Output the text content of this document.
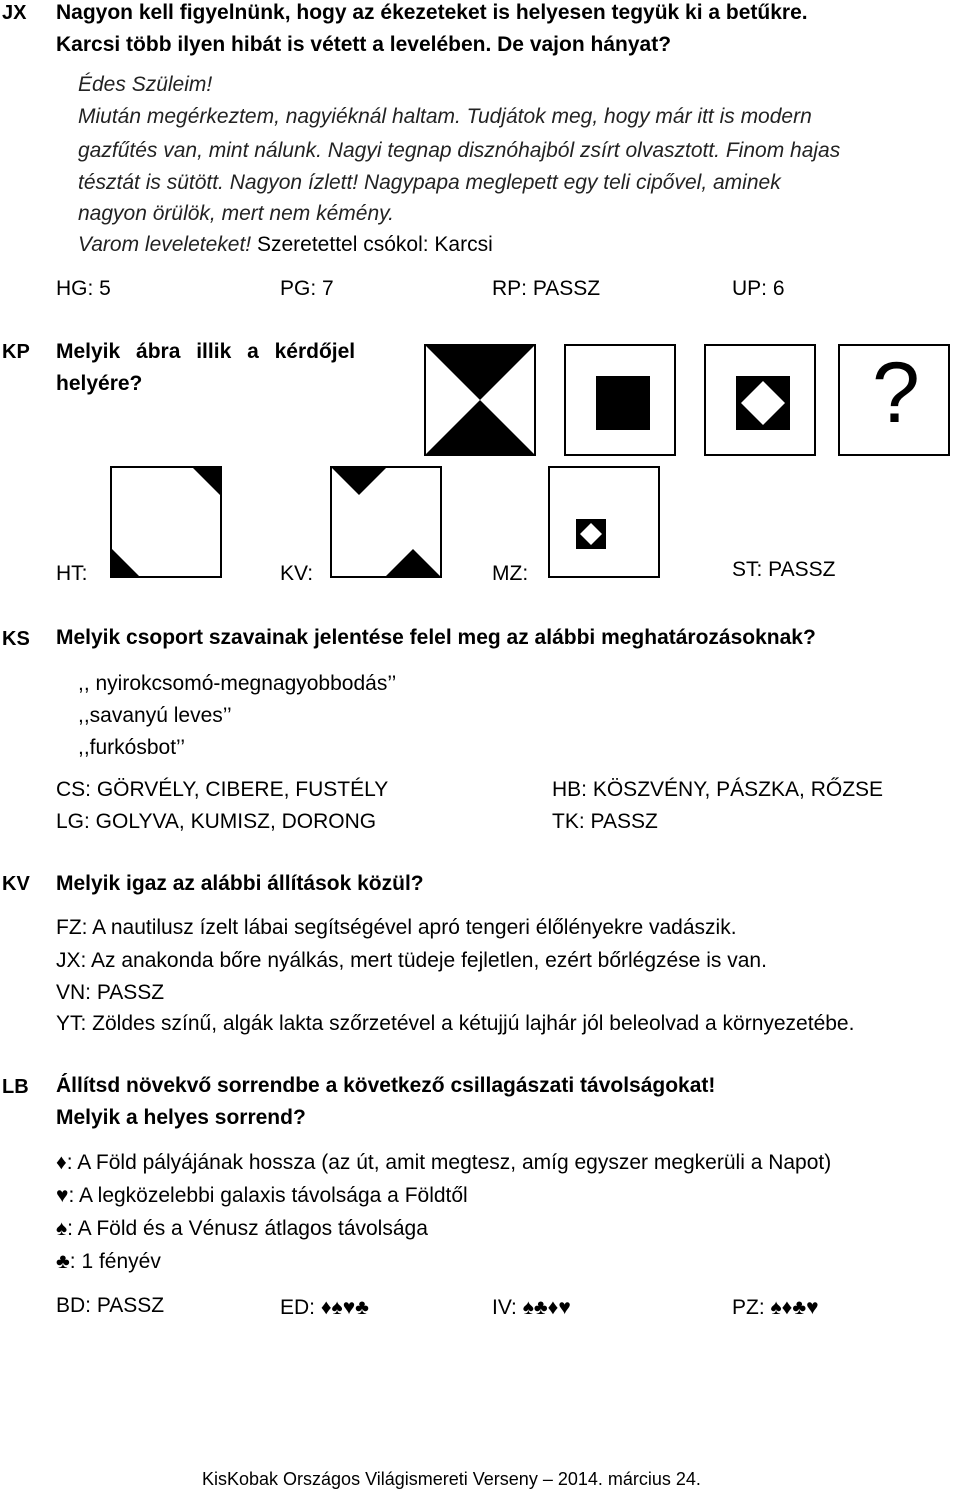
JX Nagyon kell figyelnünk, hogy az ékezeteket is helyesen tegyük ki a betűkre.
Karcsi több ilyen hibát is vétett a levelében. De vajon hányat?
Édes Szüleim!
Miután megérkeztem, nagyiéknál haltam. Tudjátok meg, hogy már itt is modern
gazfűtés van, mint nálunk. Nagyi tegnap disznóhajból zsírt olvasztott. Finom hajas
tésztát is sütött. Nagyon ízlett! Nagypapa meglepett egy teli cipővel, aminek
nagyon örülök, mert nem kémény.
Varom leveleteket! Szeretettel csókol: Karcsi
HG: 5	PG: 7	RP: PASSZ	UP: 6
KP Melyik ábra illik a kérdőjel
helyére?	?
HT:	KV:	MZ:	ST: PASSZ
KS Melyik csoport szavainak jelentése felel meg az alábbi meghatározásoknak?
,, nyirokcsomó-megnagyobbodás’’
,,savanyú leves’’
,,furkósbot’’
CS: GÖRVÉLY, CIBERE, FUSTÉLY	HB: KÖSZVÉNY, PÁSZKA, RŐZSE
LG: GOLYVA, KUMISZ, DORONG	TK: PASSZ
KV Melyik igaz az alábbi állítások közül?
FZ: A nautilusz ízelt lábai segítségével apró tengeri élőlényekre vadászik.
JX: Az anakonda bőre nyálkás, mert tüdeje fejletlen, ezért bőrlégzése is van.
VN: PASSZ
YT: Zöldes színű, algák lakta szőrzetével a kétujjú lajhár jól beleolvad a környezetébe.
LB Állítsd növekvő sorrendbe a következő csillagászati távolságokat!
Melyik a helyes sorrend?
♦: A Föld pályájának hossza (az út, amit megtesz, amíg egyszer megkerüli a Napot)
♥: A legközelebbi galaxis távolsága a Földtől
♠: A Föld és a Vénusz átlagos távolsága
♣: 1 fényév
BD: PASSZ	ED: ♦♠♥♣	IV: ♠♣♦♥	PZ: ♠♦♣♥
KisKobak Országos Világismereti Verseny – 2014. március 24.
